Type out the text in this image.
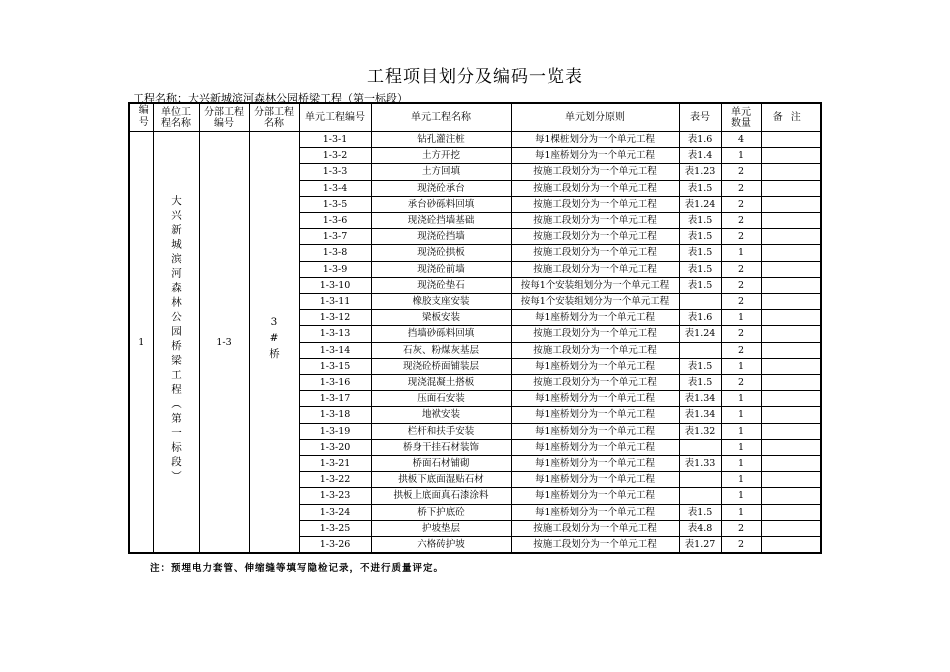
工程项目划分及编码一览表
工程名称：大兴新城滨河森林公园桥梁工程（第一标段）
编号	单位工程名称	分部工程编号	分部工程名称	单元工程编号	单元工程名称	单元划分原则	表号	单元数量	备注
1	大兴新城滨河森林公园桥梁工程（第一标段）	1-3	3#桥	1-3-1	钻孔灌注桩	每1棵桩划分为一个单元工程	表1.6	4	
				1-3-2	土方开挖	每1座桥划分为一个单元工程	表1.4	1	
				1-3-3	土方回填	按施工段划分为一个单元工程	表1.23	2	
				1-3-4	现浇砼承台	按施工段划分为一个单元工程	表1.5	2	
				1-3-5	承台砂砾料回填	按施工段划分为一个单元工程	表1.24	2	
				1-3-6	现浇砼挡墙基础	按施工段划分为一个单元工程	表1.5	2	
				1-3-7	现浇砼挡墙	按施工段划分为一个单元工程	表1.5	2	
				1-3-8	现浇砼拱板	按施工段划分为一个单元工程	表1.5	1	
				1-3-9	现浇砼前墙	按施工段划分为一个单元工程	表1.5	2	
				1-3-10	现浇砼垫石	按每1个安装组划分为一个单元工程	表1.5	2	
				1-3-11	橡胶支座安装	按每1个安装组划分为一个单元工程		2	
				1-3-12	梁板安装	每1座桥划分为一个单元工程	表1.6	1	
				1-3-13	挡墙砂砾料回填	按施工段划分为一个单元工程	表1.24	2	
				1-3-14	石灰、粉煤灰基层	按施工段划分为一个单元工程		2	
				1-3-15	现浇砼桥面铺装层	每1座桥划分为一个单元工程	表1.5	1	
				1-3-16	现浇混凝土搭板	按施工段划分为一个单元工程	表1.5	2	
				1-3-17	压面石安装	每1座桥划分为一个单元工程	表1.34	1	
				1-3-18	地袱安装	每1座桥划分为一个单元工程	表1.34	1	
				1-3-19	栏杆和扶手安装	每1座桥划分为一个单元工程	表1.32	1	
				1-3-20	桥身干挂石材装饰	每1座桥划分为一个单元工程		1	
				1-3-21	桥面石材铺砌	每1座桥划分为一个单元工程	表1.33	1	
				1-3-22	拱板下底面湿贴石材	每1座桥划分为一个单元工程		1	
				1-3-23	拱板上底面真石漆涂料	每1座桥划分为一个单元工程		1	
				1-3-24	桥下护底砼	每1座桥划分为一个单元工程	表1.5	1	
				1-3-25	护坡垫层	按施工段划分为一个单元工程	表4.8	2	
				1-3-26	六格砖护坡	按施工段划分为一个单元工程	表1.27	2	
注：预埋电力套管、伸缩缝等填写隐检记录，不进行质量评定。
